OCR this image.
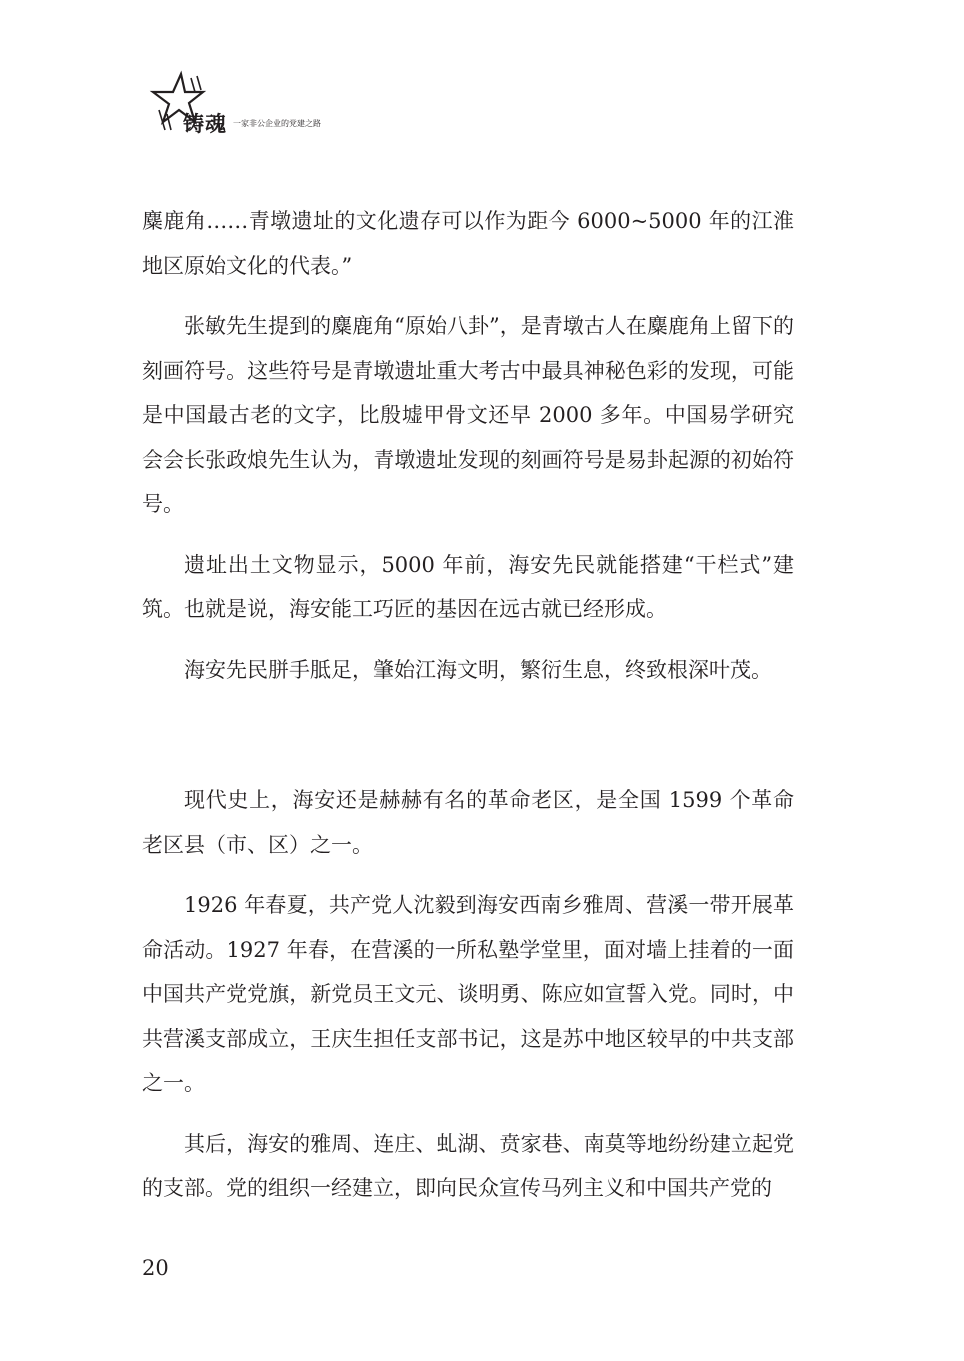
铸魂 一家非公企业的党建之路

麋鹿角……青墩遗址的文化遗存可以作为距今 6000~5000 年的江淮地区原始文化的代表。”

张敏先生提到的麋鹿角“原始八卦”，是青墩古人在麋鹿角上留下的刻画符号。这些符号是青墩遗址重大考古中最具神秘色彩的发现，可能是中国最古老的文字，比殷墟甲骨文还早 2000 多年。中国易学研究会会长张政烺先生认为，青墩遗址发现的刻画符号是易卦起源的初始符号。

遗址出土文物显示，5000 年前，海安先民就能搭建“干栏式”建筑。也就是说，海安能工巧匠的基因在远古就已经形成。

海安先民胼手胝足，肇始江海文明，繁衍生息，终致根深叶茂。

现代史上，海安还是赫赫有名的革命老区，是全国 1599 个革命老区县（市、区）之一。

1926 年春夏，共产党人沈毅到海安西南乡雅周、营溪一带开展革命活动。1927 年春，在营溪的一所私塾学堂里，面对墙上挂着的一面中国共产党党旗，新党员王文元、谈明勇、陈应如宣誓入党。同时，中共营溪支部成立，王庆生担任支部书记，这是苏中地区较早的中共支部之一。

其后，海安的雅周、连庄、虬湖、贲家巷、南莫等地纷纷建立起党的支部。党的组织一经建立，即向民众宣传马列主义和中国共产党的

20
